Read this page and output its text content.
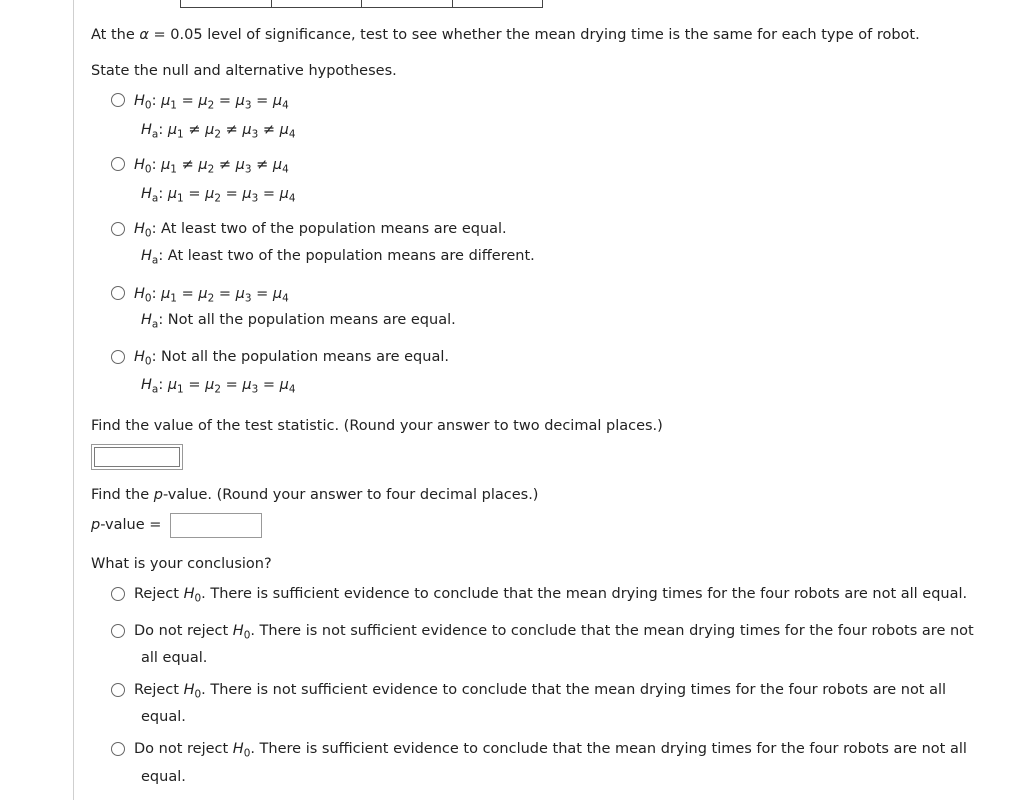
At the α = 0.05 level of significance, test to see whether the mean drying time is the same for each type of robot.
State the null and alternative hypotheses.
$H_0$: $\mu_1 = \mu_2 = \mu_3 = \mu_4$
$H_a$: $\mu_1 \ne \mu_2 \ne \mu_3 \ne \mu_4$
$H_0$: $\mu_1 \ne \mu_2 \ne \mu_3 \ne \mu_4$
$H_a$: $\mu_1 = \mu_2 = \mu_3 = \mu_4$
$H_0$: At least two of the population means are equal.
$H_a$: At least two of the population means are different.
$H_0$: $\mu_1 = \mu_2 = \mu_3 = \mu_4$
$H_a$: Not all the population means are equal.
$H_0$: Not all the population means are equal.
$H_a$: $\mu_1 = \mu_2 = \mu_3 = \mu_4$
Find the value of the test statistic. (Round your answer to two decimal places.)
Find the p-value. (Round your answer to four decimal places.)
p-value =
What is your conclusion?
Reject $H_0$. There is sufficient evidence to conclude that the mean drying times for the four robots are not all equal.
Do not reject $H_0$. There is not sufficient evidence to conclude that the mean drying times for the four robots are not
all equal.
Reject $H_0$. There is not sufficient evidence to conclude that the mean drying times for the four robots are not all
equal.
Do not reject $H_0$. There is sufficient evidence to conclude that the mean drying times for the four robots are not all
equal.
